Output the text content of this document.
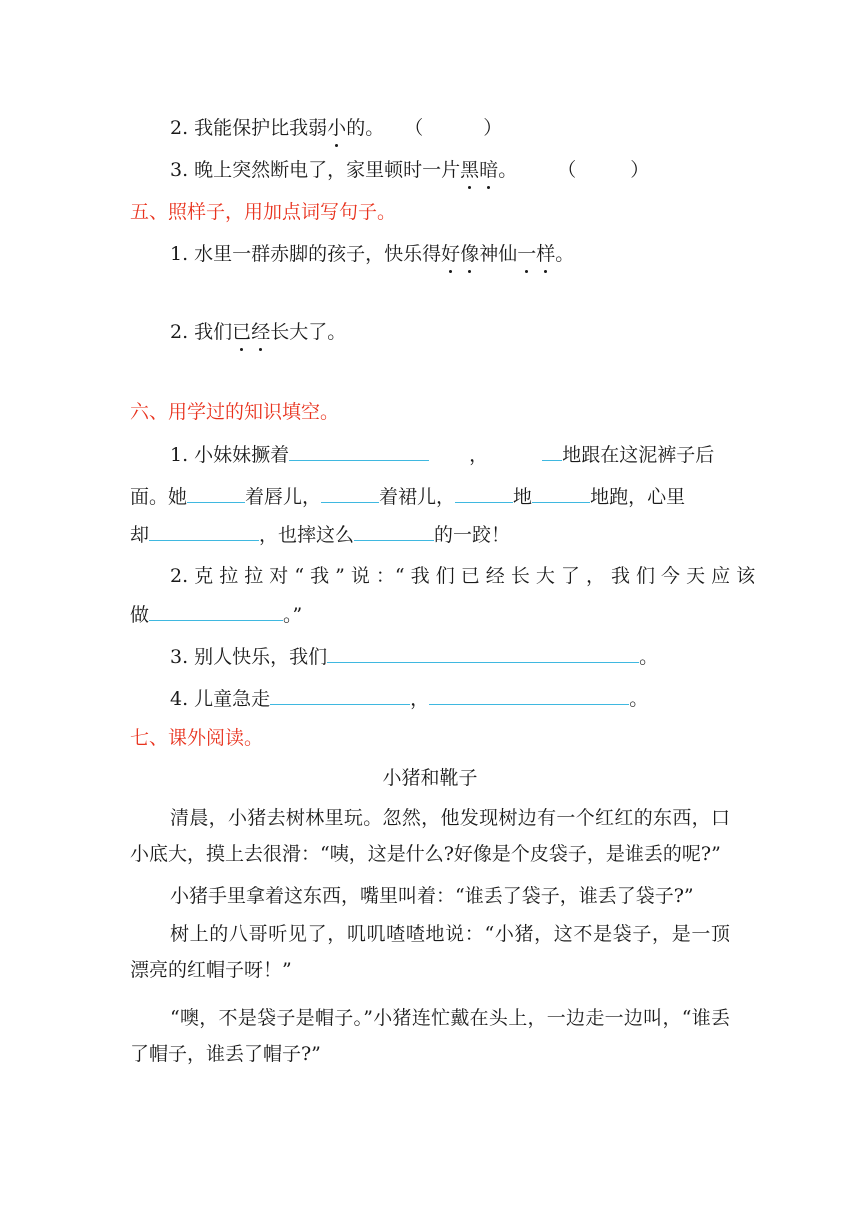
2. 我能保护比我弱小的。 （	）
3. 晚上突然断电了，家里顿时一片黑暗。 （	）
五、照样子，用加点词写句子。
1. 水里一群赤脚的孩子，快乐得好像神仙一样。
2. 我们已经长大了。
六、用学过的知识填空。
1. 小妹妹撅着	，	地跟在这泥裤子后
面。她	着唇儿，	着裙儿，	地	地跑，心里
却	，也摔这么	的一跤！
2. 克 拉 拉 对 “ 我 ” 说 ：“ 我 们 已 经 长 大 了 ， 我 们 今 天 应 该
做	。”
3. 别人快乐，我们	。
4. 儿童急走	，	。
七、课外阅读。
小猪和靴子
清晨，小猪去树林里玩。忽然，他发现树边有一个红红的东西，口小底大，摸上去很滑：“咦，这是什么?好像是个皮袋子，是谁丢的呢?”
小猪手里拿着这东西，嘴里叫着：“谁丢了袋子，谁丢了袋子?”
树上的八哥听见了，叽叽喳喳地说：“小猪，这不是袋子，是一顶漂亮的红帽子呀！”
“噢，不是袋子是帽子。”小猪连忙戴在头上，一边走一边叫，“谁丢了帽子，谁丢了帽子?”
